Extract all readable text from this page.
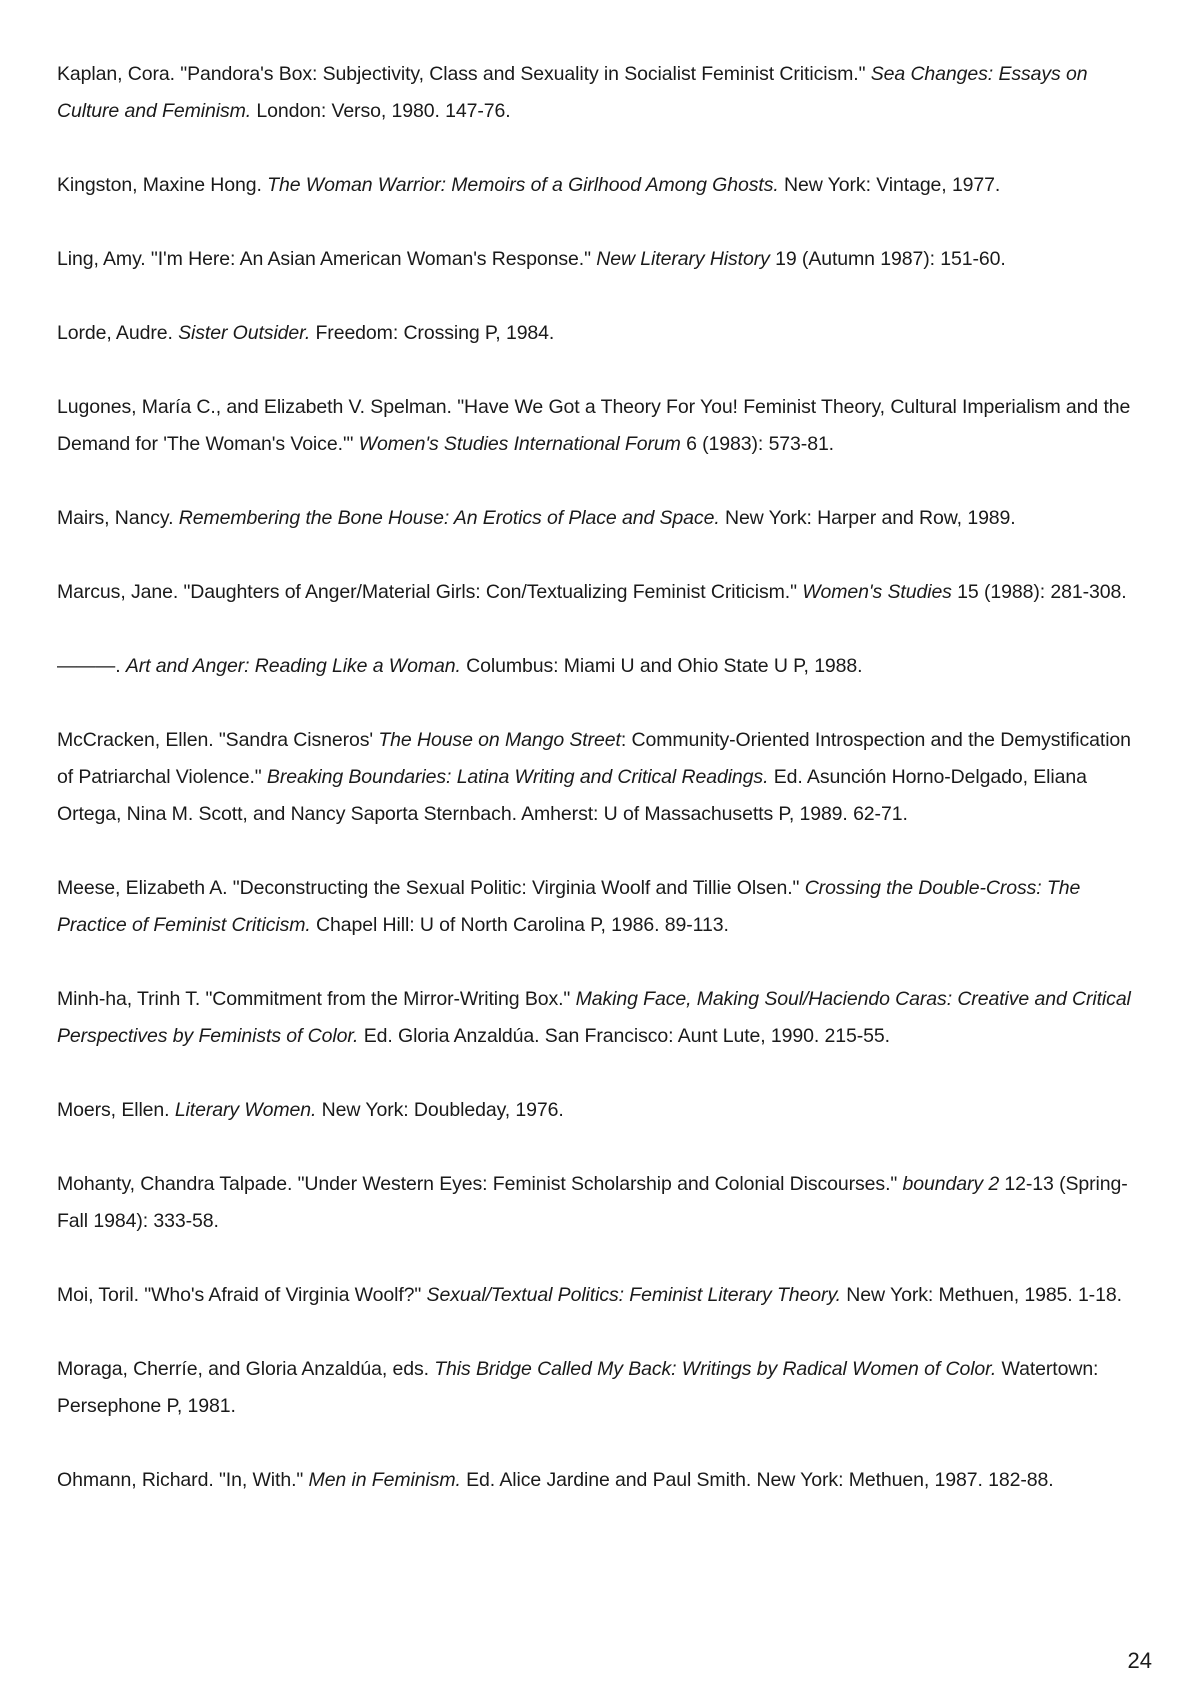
Kaplan, Cora. "Pandora's Box: Subjectivity, Class and Sexuality in Socialist Feminist Criticism." Sea Changes: Essays on Culture and Feminism. London: Verso, 1980. 147-76.
Kingston, Maxine Hong. The Woman Warrior: Memoirs of a Girlhood Among Ghosts. New York: Vintage, 1977.
Ling, Amy. "I'm Here: An Asian American Woman's Response." New Literary History 19 (Autumn 1987): 151-60.
Lorde, Audre. Sister Outsider. Freedom: Crossing P, 1984.
Lugones, María C., and Elizabeth V. Spelman. "Have We Got a Theory For You! Feminist Theory, Cultural Imperialism and the Demand for 'The Woman's Voice.'" Women's Studies International Forum 6 (1983): 573-81.
Mairs, Nancy. Remembering the Bone House: An Erotics of Place and Space. New York: Harper and Row, 1989.
Marcus, Jane. "Daughters of Anger/Material Girls: Con/Textualizing Feminist Criticism." Women's Studies 15 (1988): 281-308.
———. Art and Anger: Reading Like a Woman. Columbus: Miami U and Ohio State U P, 1988.
McCracken, Ellen. "Sandra Cisneros' The House on Mango Street: Community-Oriented Introspection and the Demystification of Patriarchal Violence." Breaking Boundaries: Latina Writing and Critical Readings. Ed. Asunción Horno-Delgado, Eliana Ortega, Nina M. Scott, and Nancy Saporta Sternbach. Amherst: U of Massachusetts P, 1989. 62-71.
Meese, Elizabeth A. "Deconstructing the Sexual Politic: Virginia Woolf and Tillie Olsen." Crossing the Double-Cross: The Practice of Feminist Criticism. Chapel Hill: U of North Carolina P, 1986. 89-113.
Minh-ha, Trinh T. "Commitment from the Mirror-Writing Box." Making Face, Making Soul/Haciendo Caras: Creative and Critical Perspectives by Feminists of Color. Ed. Gloria Anzaldúa. San Francisco: Aunt Lute, 1990. 215-55.
Moers, Ellen. Literary Women. New York: Doubleday, 1976.
Mohanty, Chandra Talpade. "Under Western Eyes: Feminist Scholarship and Colonial Discourses." boundary 2 12-13 (Spring-Fall 1984): 333-58.
Moi, Toril. "Who's Afraid of Virginia Woolf?" Sexual/Textual Politics: Feminist Literary Theory. New York: Methuen, 1985. 1-18.
Moraga, Cherríe, and Gloria Anzaldúa, eds. This Bridge Called My Back: Writings by Radical Women of Color. Watertown: Persephone P, 1981.
Ohmann, Richard. "In, With." Men in Feminism. Ed. Alice Jardine and Paul Smith. New York: Methuen, 1987. 182-88.
24
